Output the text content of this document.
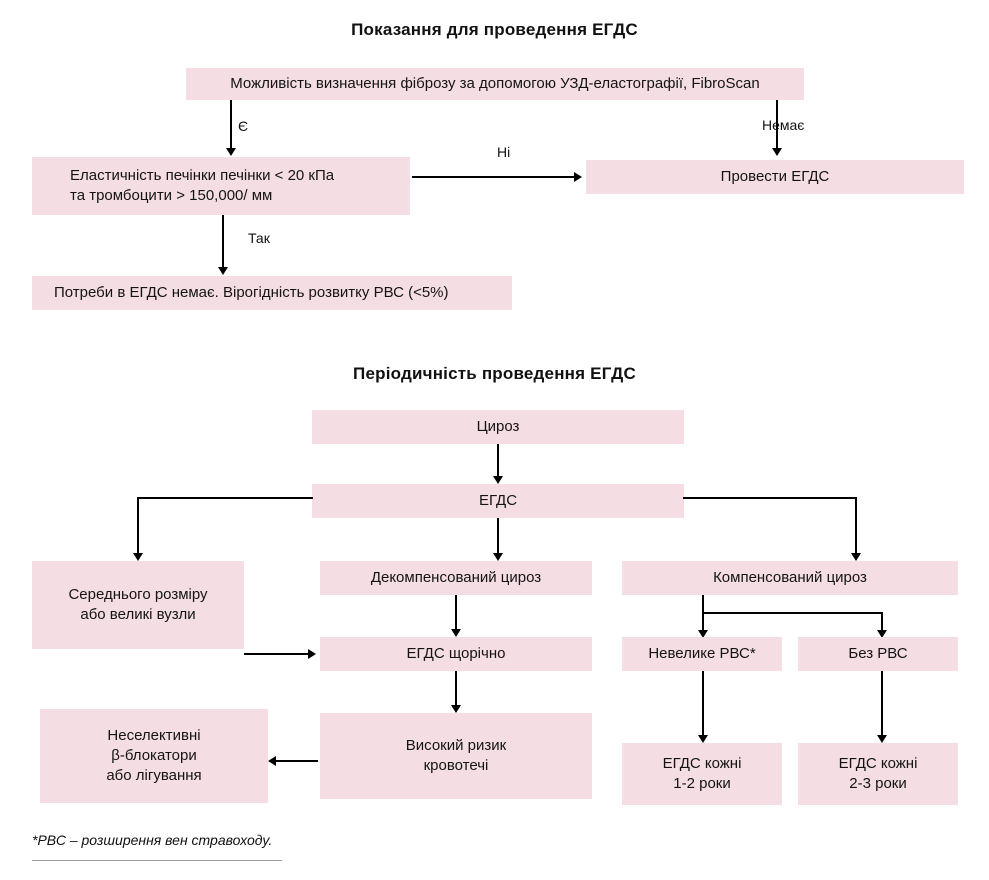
Показання для проведення ЕГДС
Можливість визначення фіброзу за допомогою УЗД-еластографії, FibroScan
Є	Немає
Еластичність печінки печінки < 20 кПа
та тромбоцити > 150,000/ мм
Провести ЕГДС
Ні
Так
Потреби в ЕГДС немає. Вірогідність розвитку РВС (<5%)
Періодичність проведення ЕГДС
Цироз
ЕГДС
Середнього розміру
або великі вузли
Декомпенсований цироз	Компенсований цироз
ЕГДС щорічно	Невелике РВС*	Без РВС
Високий ризик
кровотечі
Неселективні
β-блокатори
або лігування
ЕГДС кожні
1-2 роки
ЕГДС кожні
2-3 роки
*РВС – розширення вен стравоходу.
